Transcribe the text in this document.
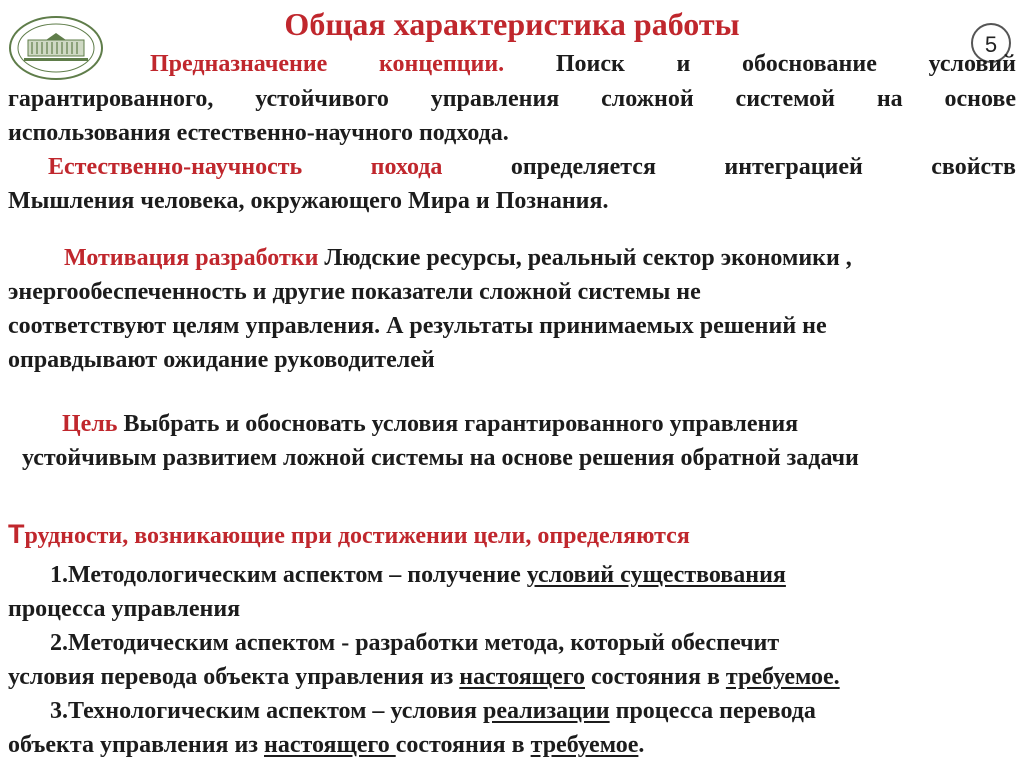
Общая характеристика работы
5
Предназначение концепции. Поиск и обоснование условий
гарантированного, устойчивого управления сложной системой на основе
использования естественно-научного подхода.
Естественно-научность	похода	определяется	интеграцией	свойств
Мышления человека, окружающего Мира и Познания.
Мотивация разработки Людские ресурсы, реальный сектор экономики ,
энергообеспеченность и другие показатели сложной системы не
соответствуют целям управления. А результаты принимаемых решений не
оправдывают ожидание руководителей
Цель Выбрать и обосновать условия гарантированного управления
устойчивым развитием ложной системы на основе решения обратной задачи
Трудности, возникающие при достижении цели, определяются
1.Методологическим аспектом – получение условий существования
процесса управления
2.Методическим аспектом - разработки метода, который обеспечит
условия перевода объекта управления из настоящего состояния в требуемое.
3.Технологическим аспектом – условия реализации процесса перевода
объекта управления из настоящего состояния в требуемое.
